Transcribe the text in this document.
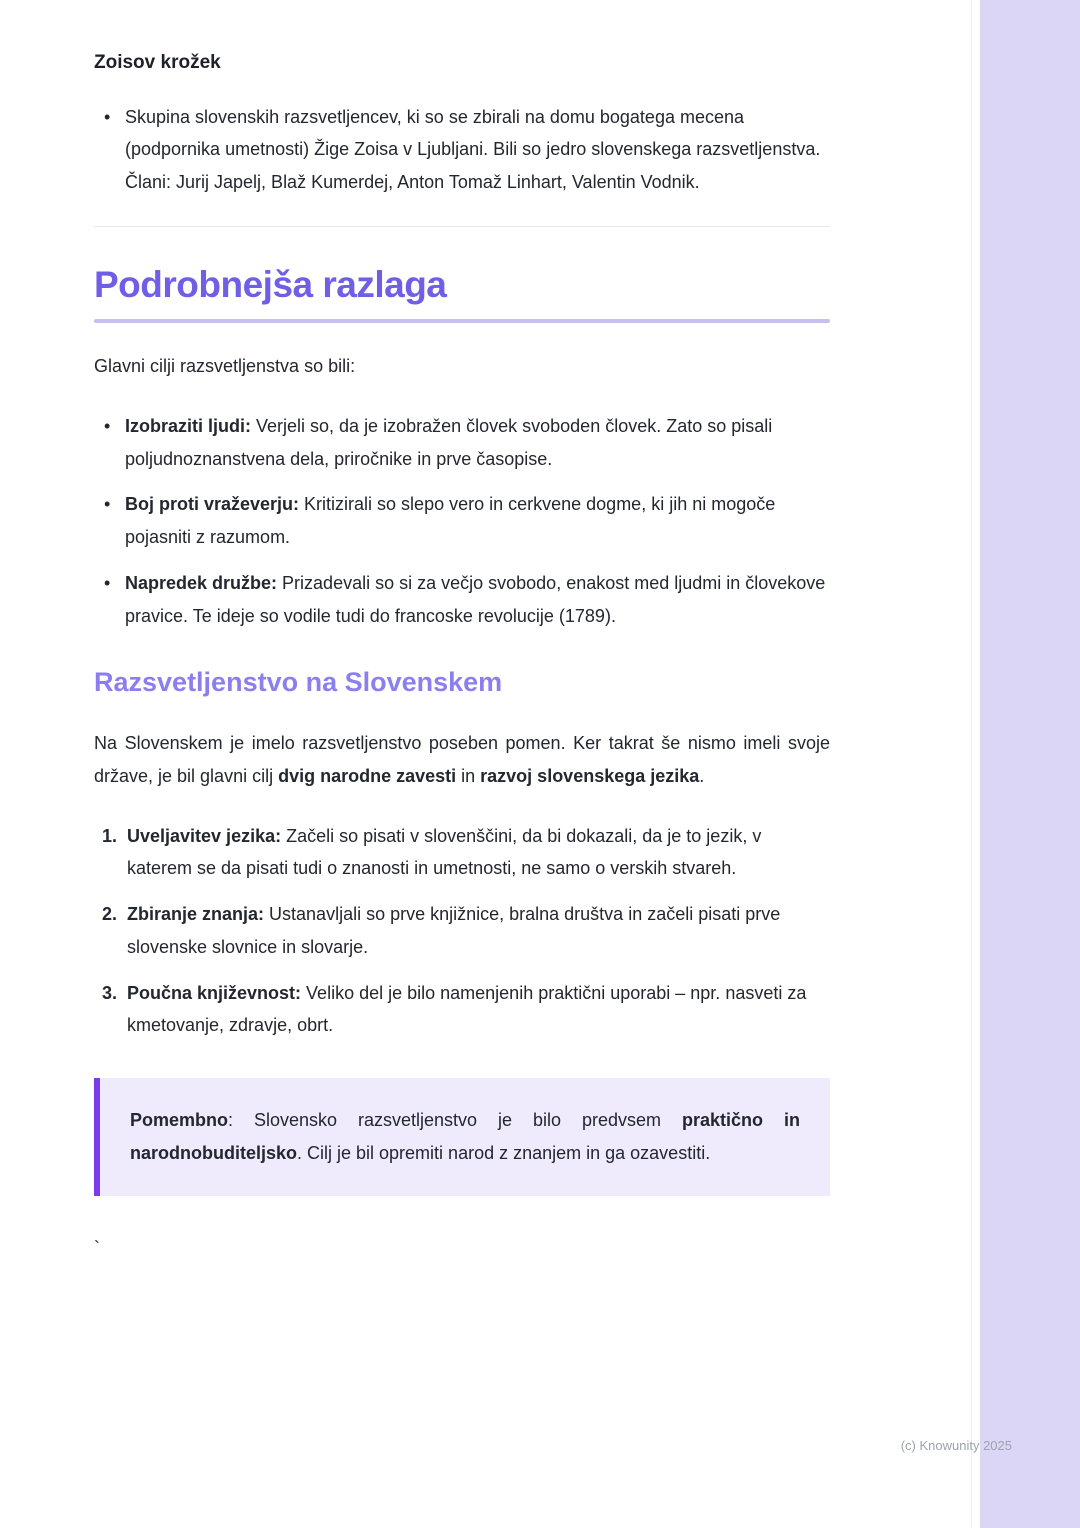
Zoisov krožek
• Skupina slovenskih razsvetljencev, ki so se zbirali na domu bogatega mecena (podpornika umetnosti) Žige Zoisa v Ljubljani. Bili so jedro slovenskega razsvetljenstva. Člani: Jurij Japelj, Blaž Kumerdej, Anton Tomaž Linhart, Valentin Vodnik.
Podrobnejša razlaga

Glavni cilji razsvetljenstva so bili:

• Izobraziti ljudi: Verjeli so, da je izobražen človek svoboden človek. Zato so pisali poljudnoznanstvena dela, priročnike in prve časopise.
• Boj proti vraževerju: Kritizirali so slepo vero in cerkvene dogme, ki jih ni mogoče pojasniti z razumom.
• Napredek družbe: Prizadevali so si za večjo svobodo, enakost med ljudmi in človekove pravice. Te ideje so vodile tudi do francoske revolucije (1789).
Razsvetljenstvo na Slovenskem

Na Slovenskem je imelo razsvetljenstvo poseben pomen. Ker takrat še nismo imeli svoje države, je bil glavni cilj dvig narodne zavesti in razvoj slovenskega jezika.

1. Uveljavitev jezika: Začeli so pisati v slovenščini, da bi dokazali, da je to jezik, v katerem se da pisati tudi o znanosti in umetnosti, ne samo o verskih stvareh.
2. Zbiranje znanja: Ustanavljali so prve knjižnice, bralna društva in začeli pisati prve slovenske slovnice in slovarje.
3. Poučna književnost: Veliko del je bilo namenjenih praktični uporabi – npr. nasveti za kmetovanje, zdravje, obrt.

Pomembno: Slovensko razsvetljenstvo je bilo predvsem praktično in narodnobuditeljsko. Cilj je bil opremiti narod z znanjem in ga ozavestiti.

`
(c) Knowunity 2025
